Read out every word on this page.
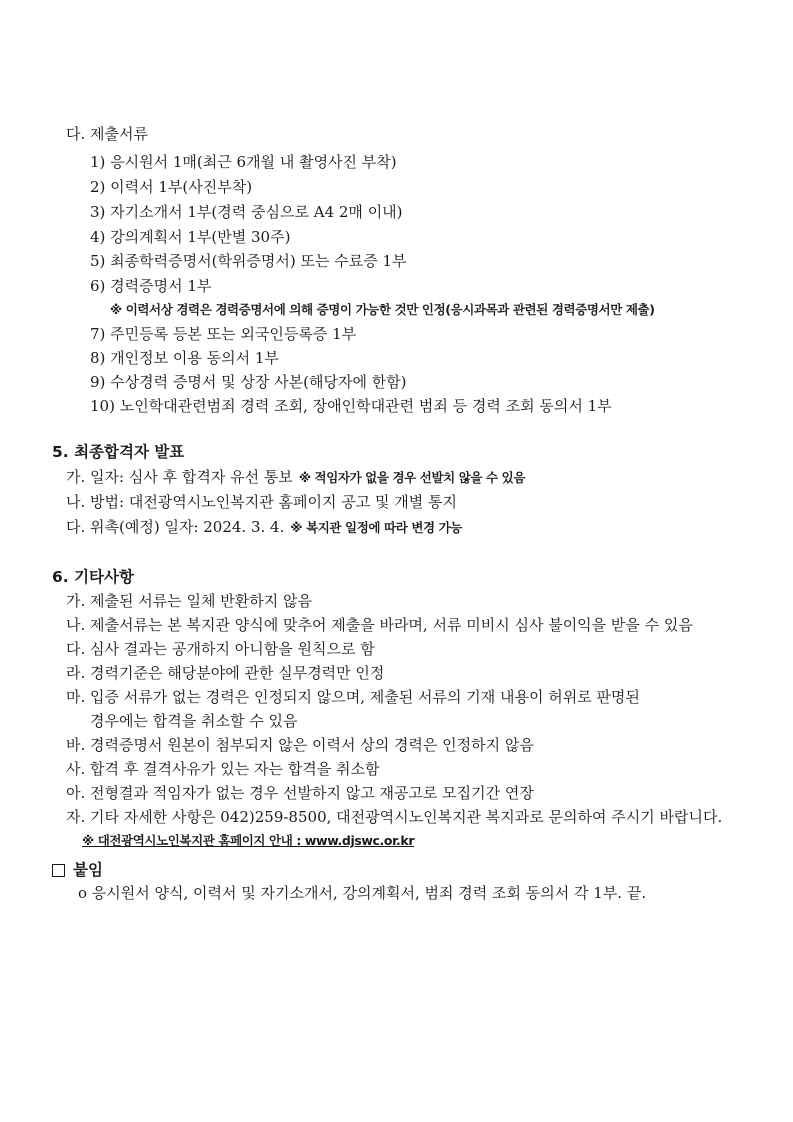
다. 제출서류
1) 응시원서 1매(최근 6개월 내 촬영사진 부착)
2) 이력서 1부(사진부착)
3) 자기소개서 1부(경력 중심으로 A4 2매 이내)
4) 강의계획서 1부(반별 30주)
5) 최종학력증명서(학위증명서) 또는 수료증 1부
6) 경력증명서 1부
※ 이력서상 경력은 경력증명서에 의해 증명이 가능한 것만 인정(응시과목과 관련된 경력증명서만 제출)
7) 주민등록 등본 또는 외국인등록증 1부
8) 개인정보 이용 동의서 1부
9) 수상경력 증명서 및 상장 사본(해당자에 한함)
10) 노인학대관련범죄 경력 조회, 장애인학대관련 범죄 등 경력 조회 동의서 1부
5. 최종합격자 발표
가. 일자: 심사 후 합격자 유선 통보 ※ 적임자가 없을 경우 선발치 않을 수 있음
나. 방법: 대전광역시노인복지관 홈페이지 공고 및 개별 통지
다. 위촉(예정) 일자: 2024. 3. 4. ※ 복지관 일정에 따라 변경 가능
6. 기타사항
가. 제출된 서류는 일체 반환하지 않음
나. 제출서류는 본 복지관 양식에 맞추어 제출을 바라며, 서류 미비시 심사 불이익을 받을 수 있음
다. 심사 결과는 공개하지 아니함을 원칙으로 함
라. 경력기준은 해당분야에 관한 실무경력만 인정
마. 입증 서류가 없는 경력은 인정되지 않으며, 제출된 서류의 기재 내용이 허위로 판명된
경우에는 합격을 취소할 수 있음
바. 경력증명서 원본이 첨부되지 않은 이력서 상의 경력은 인정하지 않음
사. 합격 후 결격사유가 있는 자는 합격을 취소함
아. 전형결과 적임자가 없는 경우 선발하지 않고 재공고로 모집기간 연장
자. 기타 자세한 사항은 042)259-8500, 대전광역시노인복지관 복지과로 문의하여 주시기 바랍니다.
※ 대전광역시노인복지관 홈페이지 안내 : www.djswc.or.kr
붙임
o 응시원서 양식, 이력서 및 자기소개서, 강의계획서, 범죄 경력 조회 동의서 각 1부. 끝.
